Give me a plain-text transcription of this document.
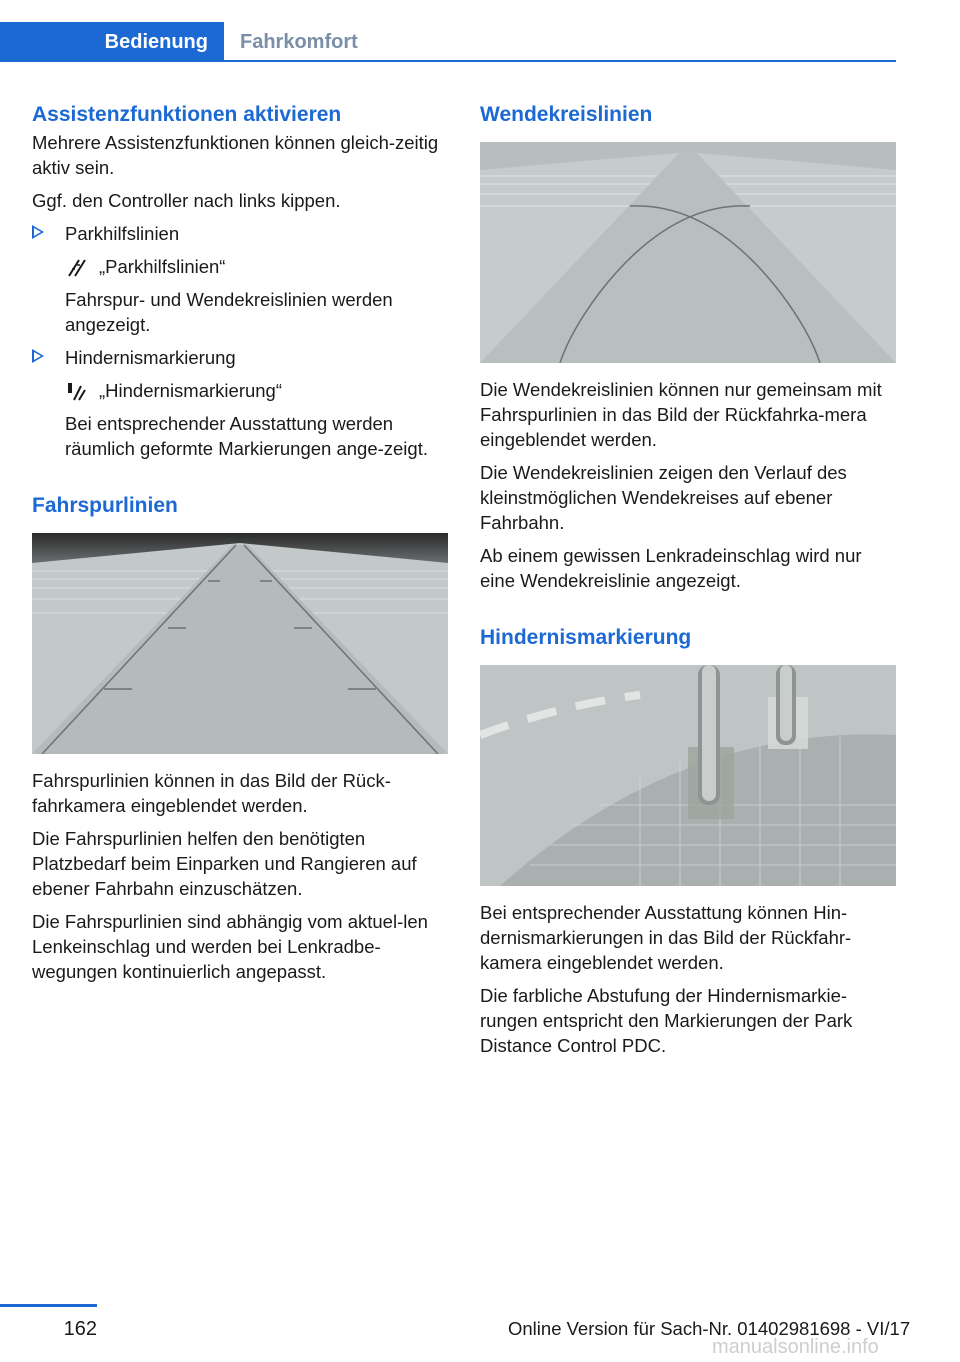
Bedienung	Fahrkomfort
Assistenzfunktionen aktivieren

Mehrere Assistenzfunktionen können gleich-zeitig aktiv sein.

Ggf. den Controller nach links kippen.

Parkhilfslinien

„Parkhilfslinien“

Fahrspur- und Wendekreislinien werden angezeigt.

Hindernismarkierung

„Hindernismarkierung“

Bei entsprechender Ausstattung werden räumlich geformte Markierungen ange-zeigt.

Fahrspurlinien

Fahrspurlinien können in das Bild der Rück-fahrkamera eingeblendet werden.

Die Fahrspurlinien helfen den benötigten Platzbedarf beim Einparken und Rangieren auf ebener Fahrbahn einzuschätzen.

Die Fahrspurlinien sind abhängig vom aktuel-len Lenkeinschlag und werden bei Lenkradbe-wegungen kontinuierlich angepasst.

Wendekreislinien

Die Wendekreislinien können nur gemeinsam mit Fahrspurlinien in das Bild der Rückfahrka-mera eingeblendet werden.

Die Wendekreislinien zeigen den Verlauf des kleinstmöglichen Wendekreises auf ebener Fahrbahn.

Ab einem gewissen Lenkradeinschlag wird nur eine Wendekreislinie angezeigt.

Hindernismarkierung

Bei entsprechender Ausstattung können Hin-dernismarkierungen in das Bild der Rückfahr-kamera eingeblendet werden.

Die farbliche Abstufung der Hindernismarkie-rungen entspricht den Markierungen der Park Distance Control PDC.

162	Online Version für Sach-Nr. 01402981698 - VI/17
manualsonline.info
